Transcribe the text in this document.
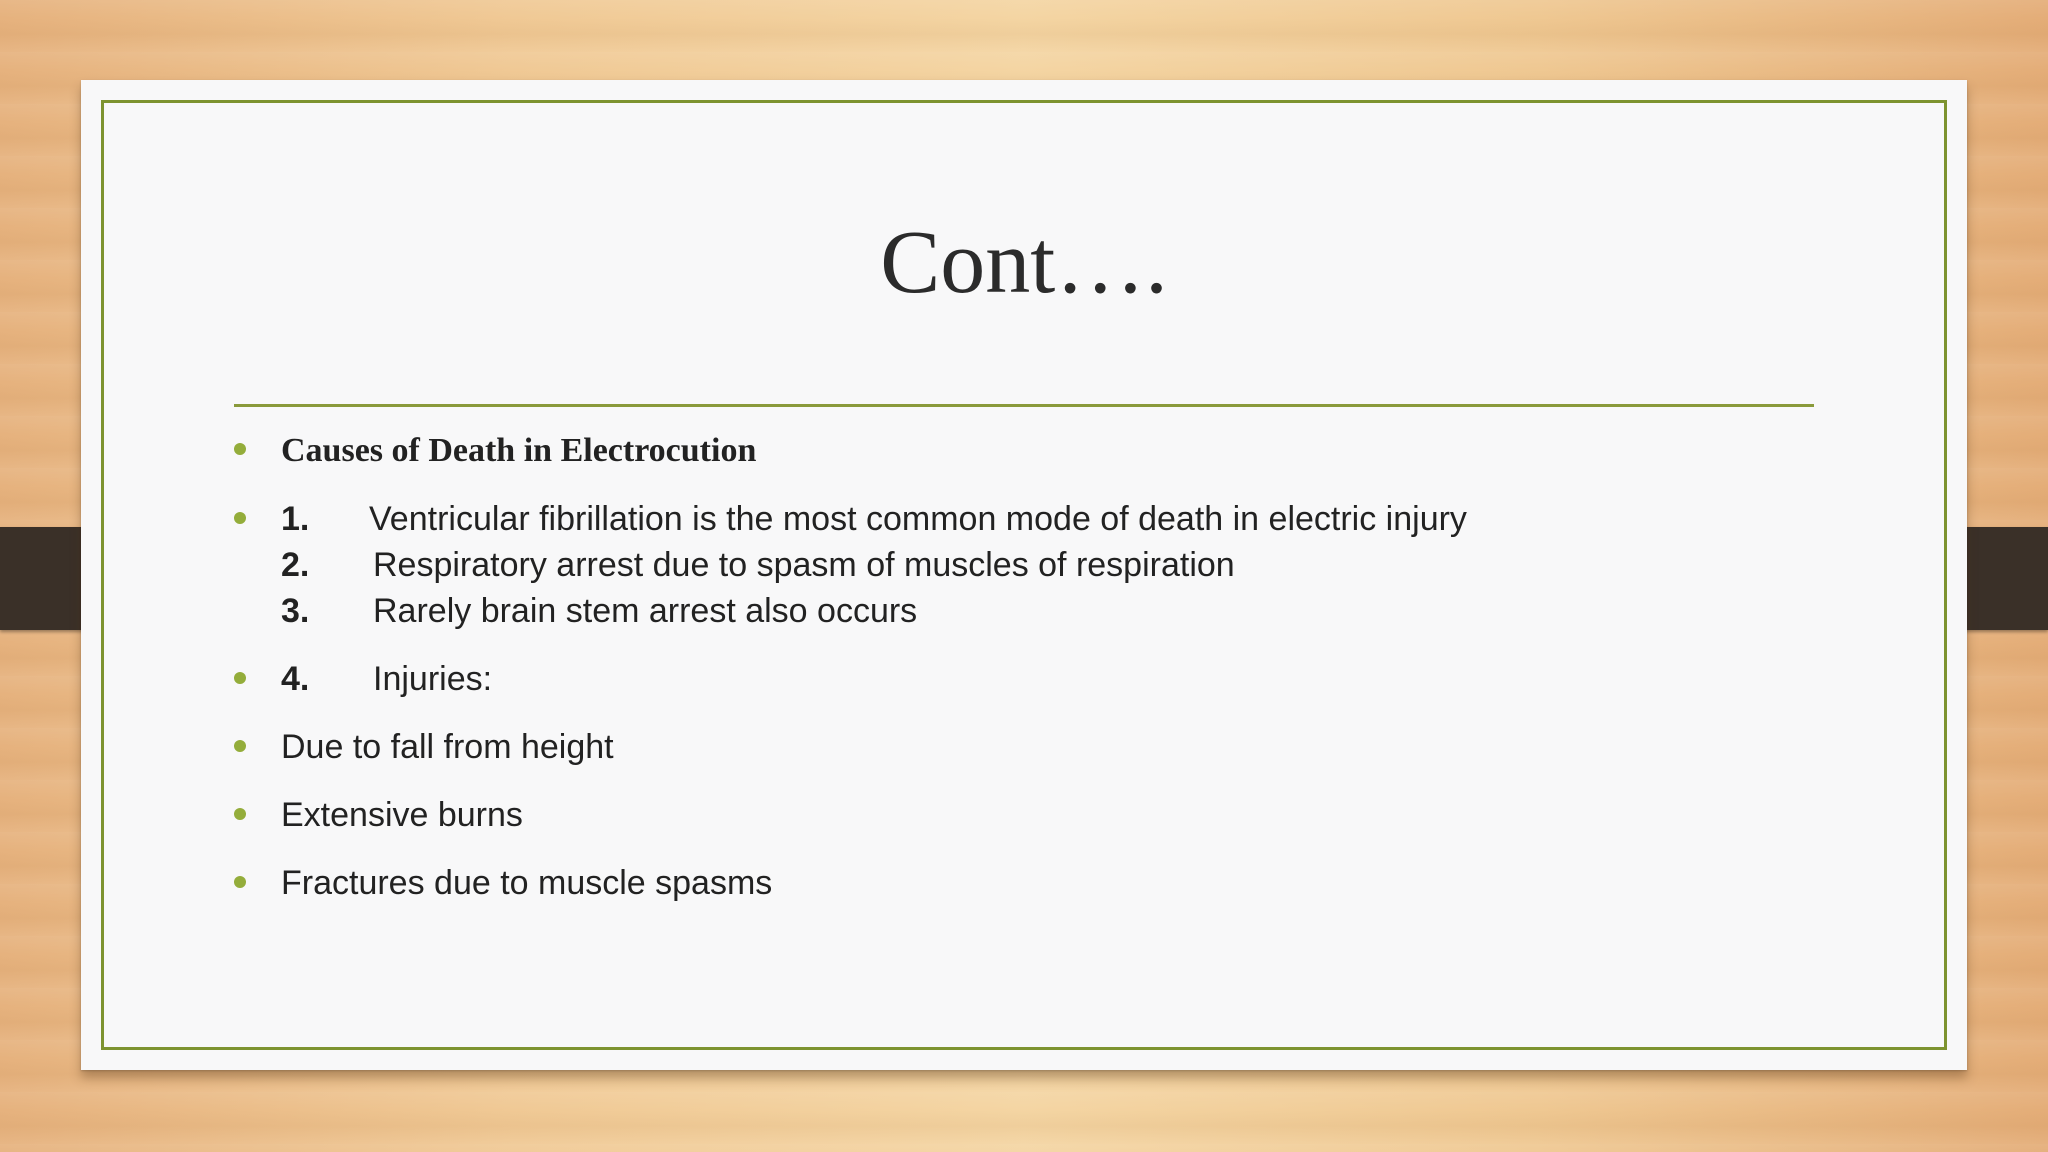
Cont….
Causes of Death in Electrocution
1. Ventricular fibrillation is the most common mode of death in electric injury
2. Respiratory arrest due to spasm of muscles of respiration
3. Rarely brain stem arrest also occurs
4. Injuries:
Due to fall from height
Extensive burns
Fractures due to muscle spasms
